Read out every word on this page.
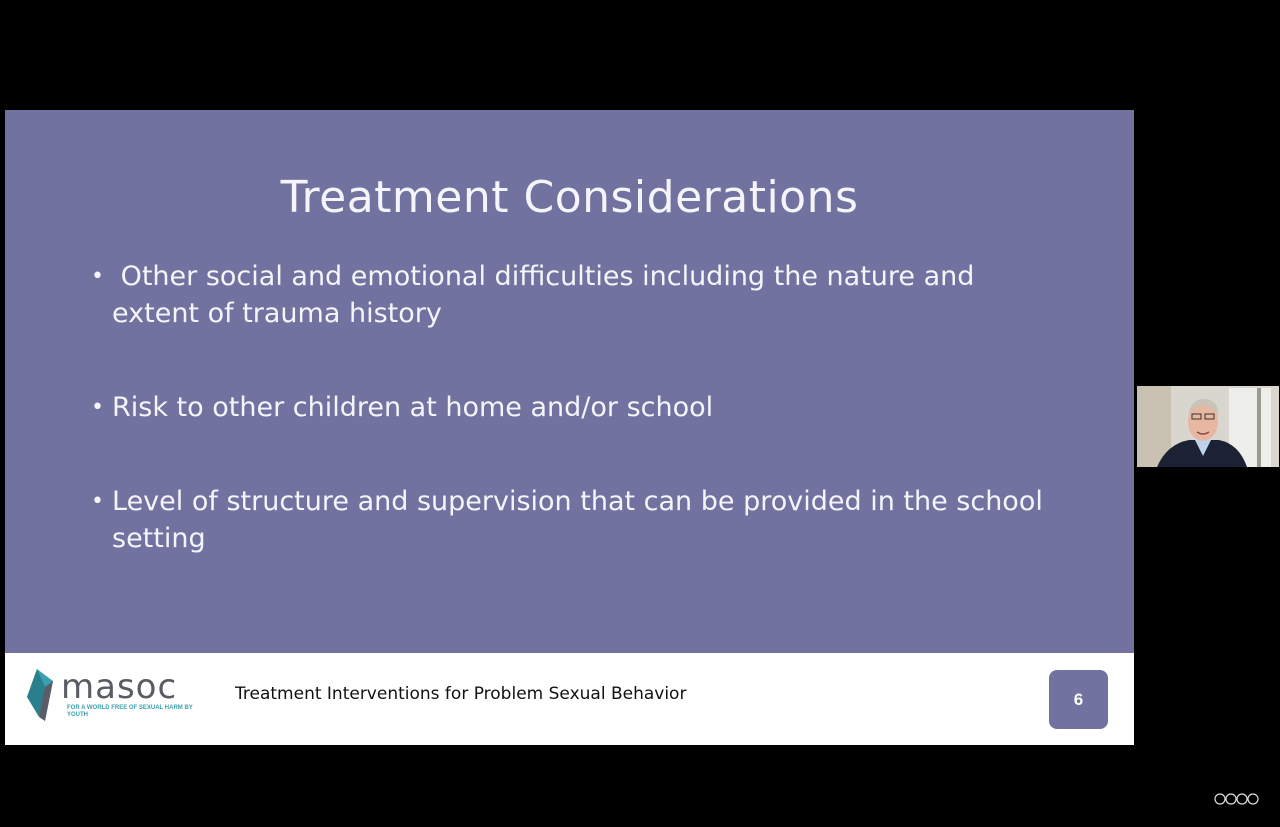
Treatment Considerations
• Other social and emotional difficulties including the nature and extent of trauma history
• Risk to other children at home and/or school
• Level of structure and supervision that can be provided in the school setting
masoc
FOR A WORLD FREE OF SEXUAL HARM BY YOUTH
Treatment Interventions for Problem Sexual Behavior	6
